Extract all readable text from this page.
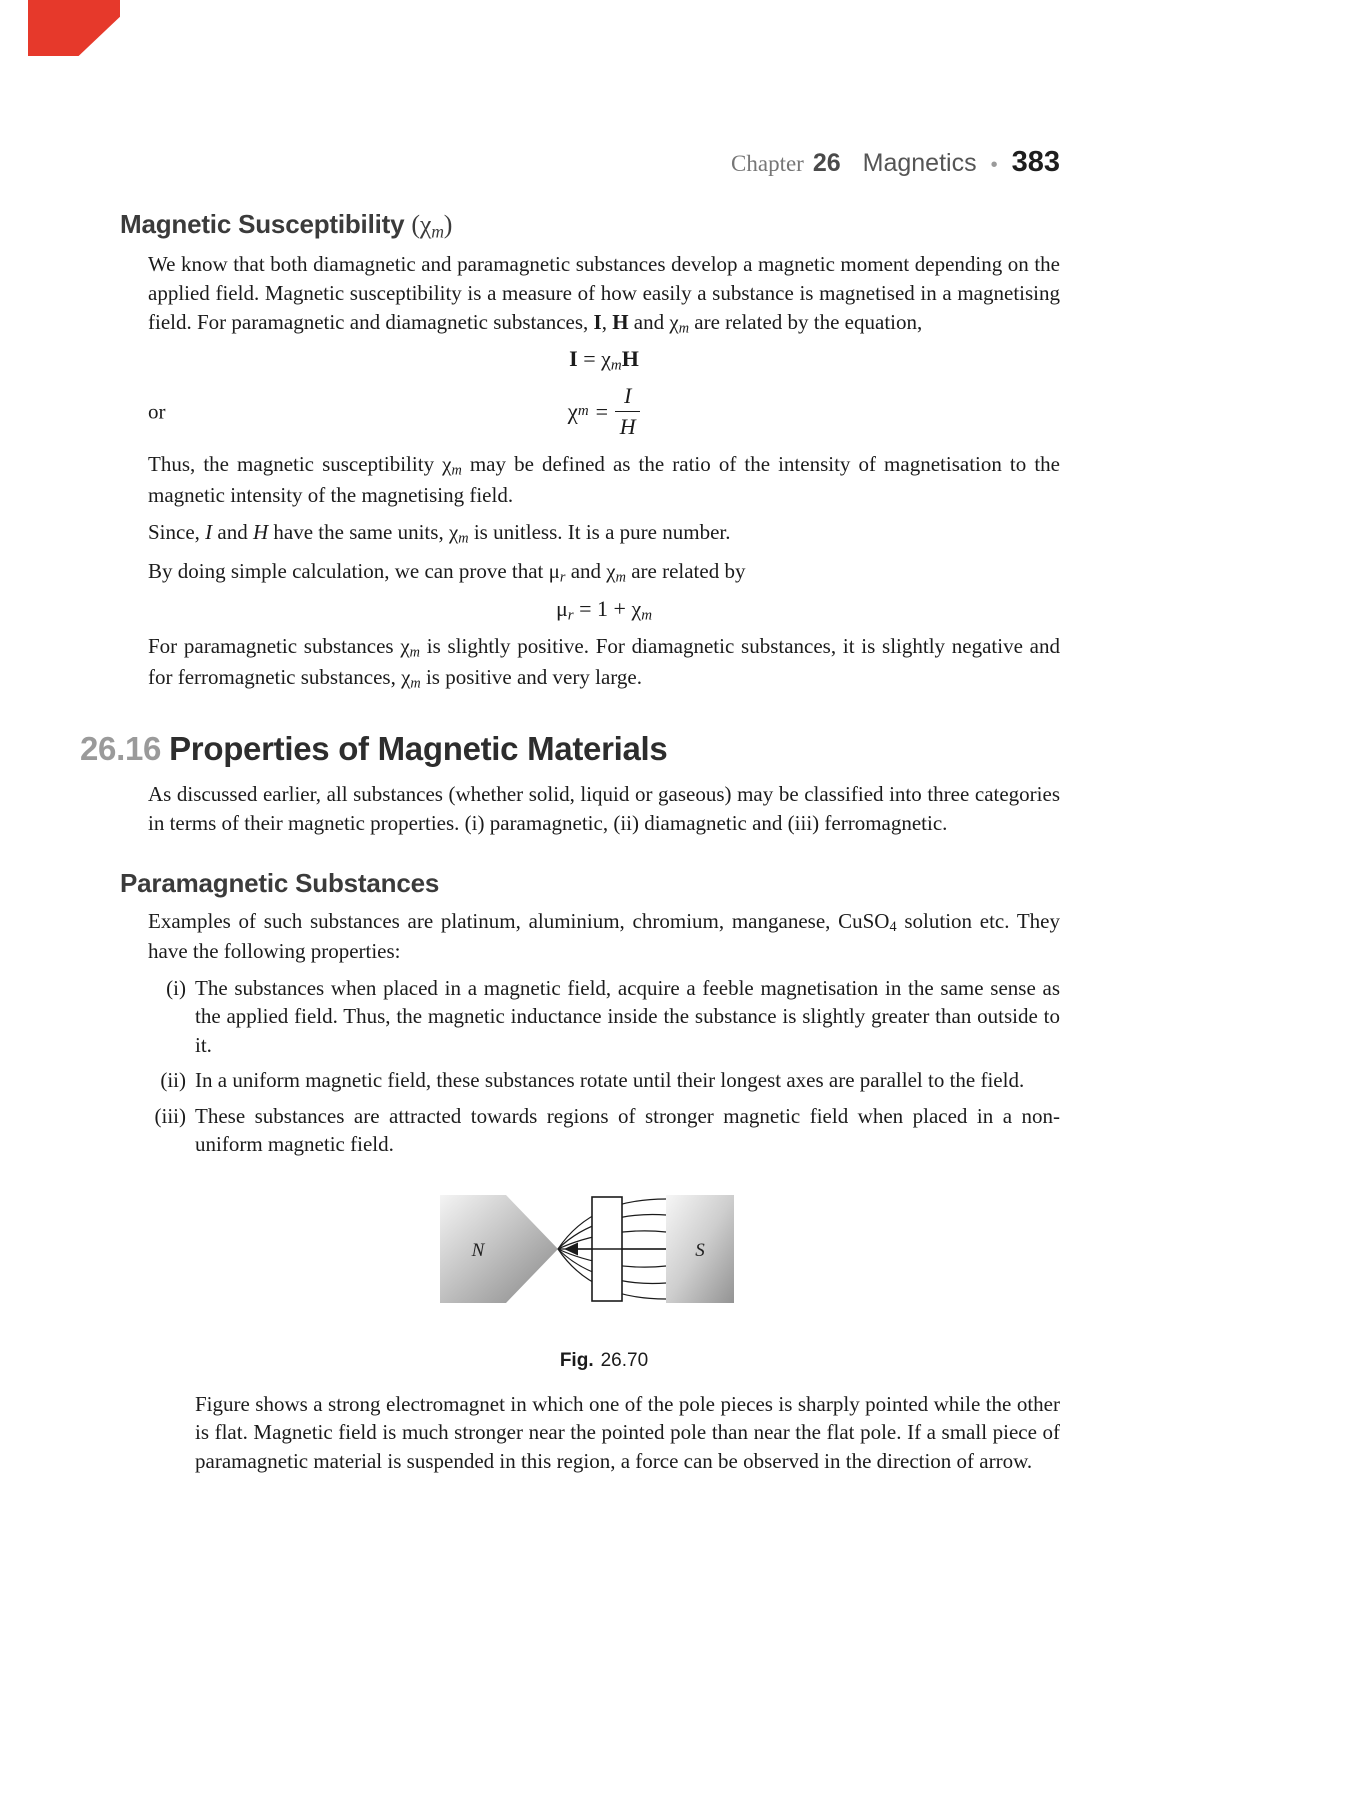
Chapter 26 Magnetics • 383
Magnetic Susceptibility (χm)

We know that both diamagnetic and paramagnetic substances develop a magnetic moment depending on the applied field. Magnetic susceptibility is a measure of how easily a substance is magnetised in a magnetising field. For paramagnetic and diamagnetic substances, I, H and χm are related by the equation,

I = χmH
or	χ $m = \frac{I}{H}$

Thus, the magnetic susceptibility χm may be defined as the ratio of the intensity of magnetisation to the magnetic intensity of the magnetising field.

Since, I and H have the same units, χm is unitless. It is a pure number.

By doing simple calculation, we can prove that μr and χm are related by

μr = 1 + χm

For paramagnetic substances χm is slightly positive. For diamagnetic substances, it is slightly negative and for ferromagnetic substances, χm is positive and very large.

26.16 Properties of Magnetic Materials

As discussed earlier, all substances (whether solid, liquid or gaseous) may be classified into three categories in terms of their magnetic properties. (i) paramagnetic, (ii) diamagnetic and (iii) ferromagnetic.

Paramagnetic Substances

Examples of such substances are platinum, aluminium, chromium, manganese, CuSO4 solution etc. They have the following properties:

(i) The substances when placed in a magnetic field, acquire a feeble magnetisation in the same sense as the applied field. Thus, the magnetic inductance inside the substance is slightly greater than outside to it.

(ii) In a uniform magnetic field, these substances rotate until their longest axes are parallel to the field.

(iii) These substances are attracted towards regions of stronger magnetic field when placed in a non-uniform magnetic field.

N	S
Fig. 26.70

Figure shows a strong electromagnet in which one of the pole pieces is sharply pointed while the other is flat. Magnetic field is much stronger near the pointed pole than near the flat pole. If a small piece of paramagnetic material is suspended in this region, a force can be observed in the direction of arrow.
